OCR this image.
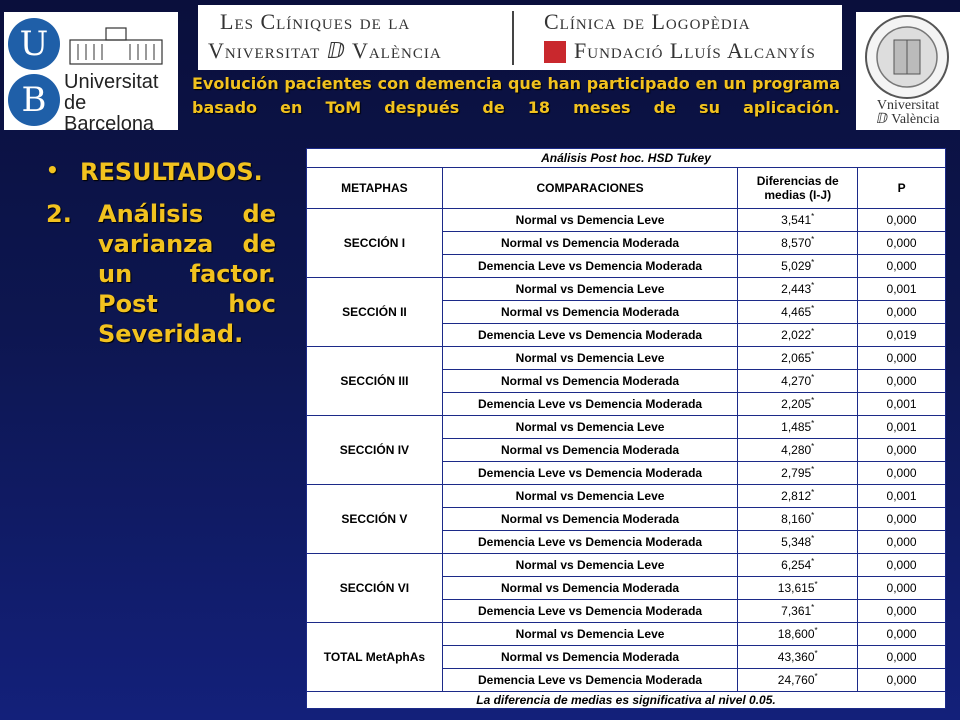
U
B Universitat
de Barcelona
Les Clíniques de la
Vniversitat ⅅ València
Clínica de Logopèdia
Fundació Lluís Alcanyís
Vniversitat
ⅅ València
Evolución pacientes con demencia que han participado en un programa basado en ToM después de 18 meses de su aplicación.
• RESULTADOS.
2. Análisis de varianza de un factor. Post hoc Severidad.
Análisis Post hoc. HSD Tukey			
METAPHAS	COMPARACIONES	Diferencias de medias (I-J)	P
SECCIÓN I	Normal vs Demencia Leve	3,541*	0,000
	Normal vs Demencia Moderada	8,570*	0,000
	Demencia Leve vs Demencia Moderada	5,029*	0,000
SECCIÓN II	Normal vs Demencia Leve	2,443*	0,001
	Normal vs Demencia Moderada	4,465*	0,000
	Demencia Leve vs Demencia Moderada	2,022*	0,019
SECCIÓN III	Normal vs Demencia Leve	2,065*	0,000
	Normal vs Demencia Moderada	4,270*	0,000
	Demencia Leve vs Demencia Moderada	2,205*	0,001
SECCIÓN IV	Normal vs Demencia Leve	1,485*	0,001
	Normal vs Demencia Moderada	4,280*	0,000
	Demencia Leve vs Demencia Moderada	2,795*	0,000
SECCIÓN V	Normal vs Demencia Leve	2,812*	0,001
	Normal vs Demencia Moderada	8,160*	0,000
	Demencia Leve vs Demencia Moderada	5,348*	0,000
SECCIÓN VI	Normal vs Demencia Leve	6,254*	0,000
	Normal vs Demencia Moderada	13,615*	0,000
	Demencia Leve vs Demencia Moderada	7,361*	0,000
TOTAL MetAphAs	Normal vs Demencia Leve	18,600*	0,000
	Normal vs Demencia Moderada	43,360*	0,000
	Demencia Leve vs Demencia Moderada	24,760*	0,000
La diferencia de medias es significativa al nivel 0.05.			
